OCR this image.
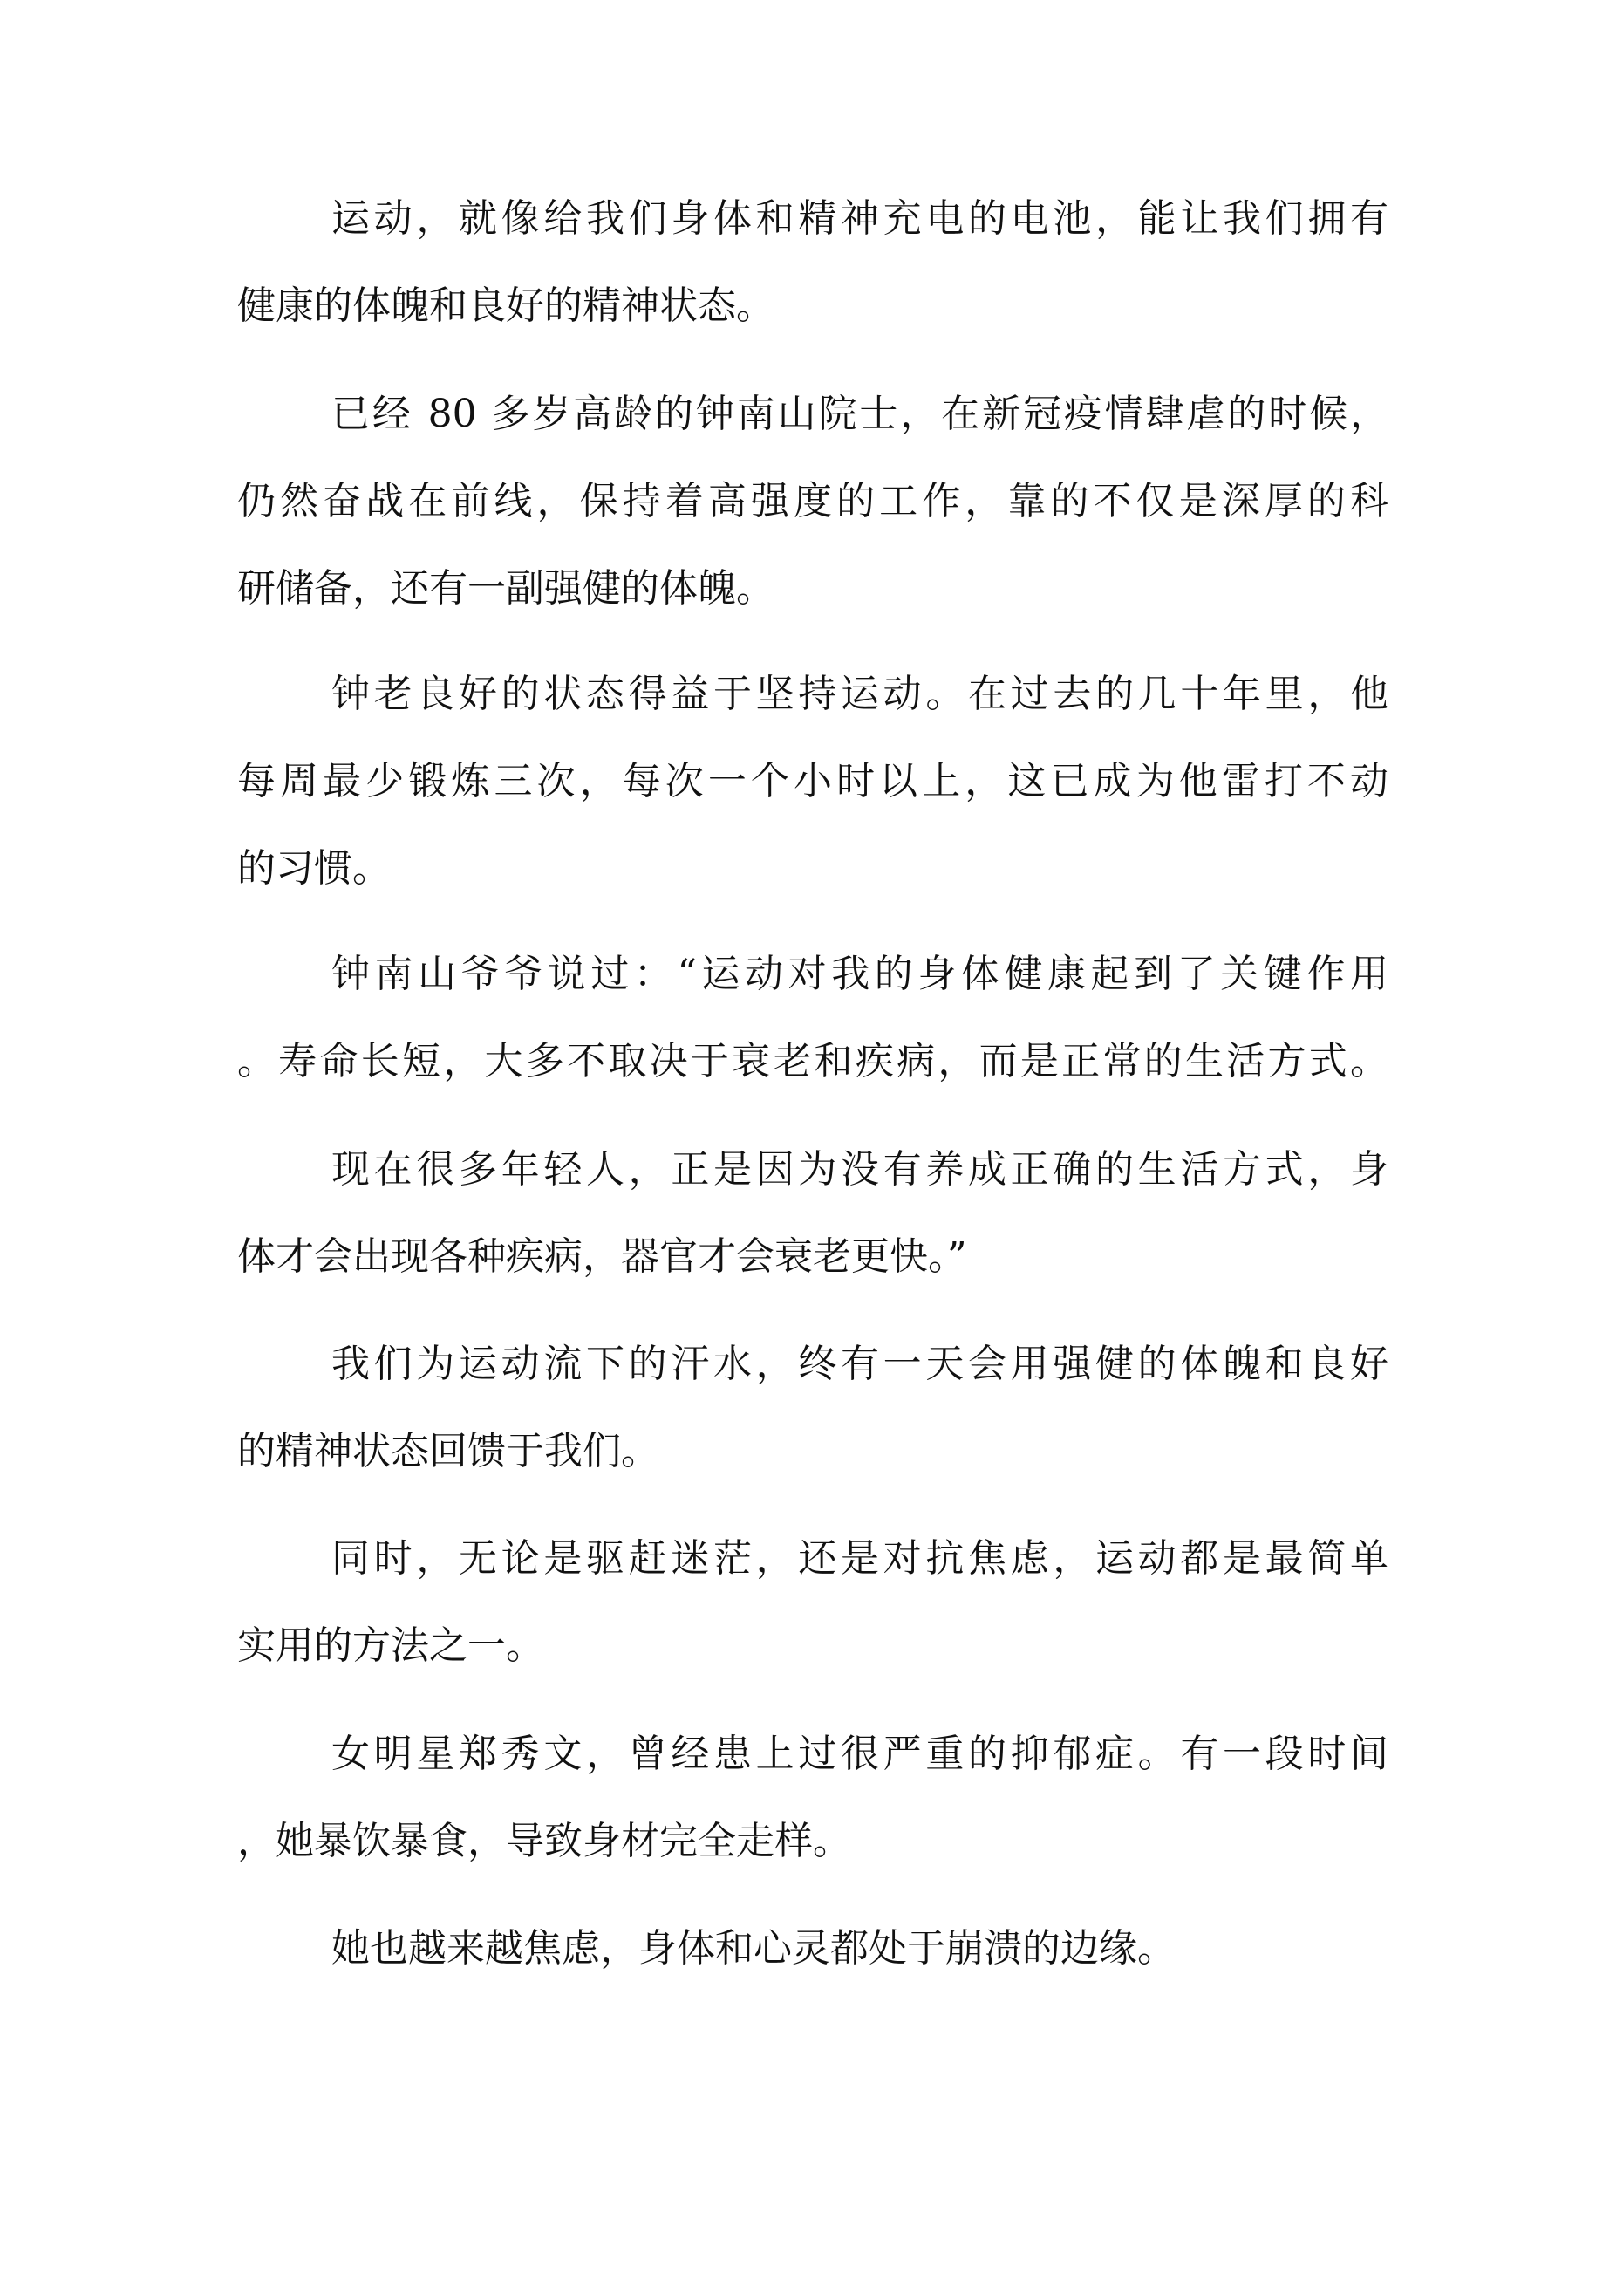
运动，就像给我们身体和精神充电的电池，能让我们拥有
健康的体魄和良好的精神状态。
已经 80 多岁高龄的钟南山院士，在新冠疫情肆虐的时候，
仍然奋战在前线，保持着高强度的工作，靠的不仅是深厚的科
研储备，还有一副强健的体魄。
钟老良好的状态得益于坚持运动。在过去的几十年里，他
每周最少锻炼三次，每次一个小时以上，这已成为他雷打不动
的习惯。
钟南山爷爷说过：“运动对我的身体健康起到了关键作用
。寿命长短，大多不取决于衰老和疾病，而是正常的生活方式。
现在很多年轻人，正是因为没有养成正确的生活方式，身
体才会出现各种疾病，器官才会衰老更快。”
我们为运动流下的汗水，终有一天会用强健的体魄和良好
的精神状态回馈于我们。
同时，无论是驱赶迷茫，还是对抗焦虑，运动都是最简单
实用的方法之一。
女明星郑秀文，曾经患上过很严重的抑郁症。有一段时间
，她暴饮暴食，导致身材完全走样。
她也越来越焦虑，身体和心灵都处于崩溃的边缘。
